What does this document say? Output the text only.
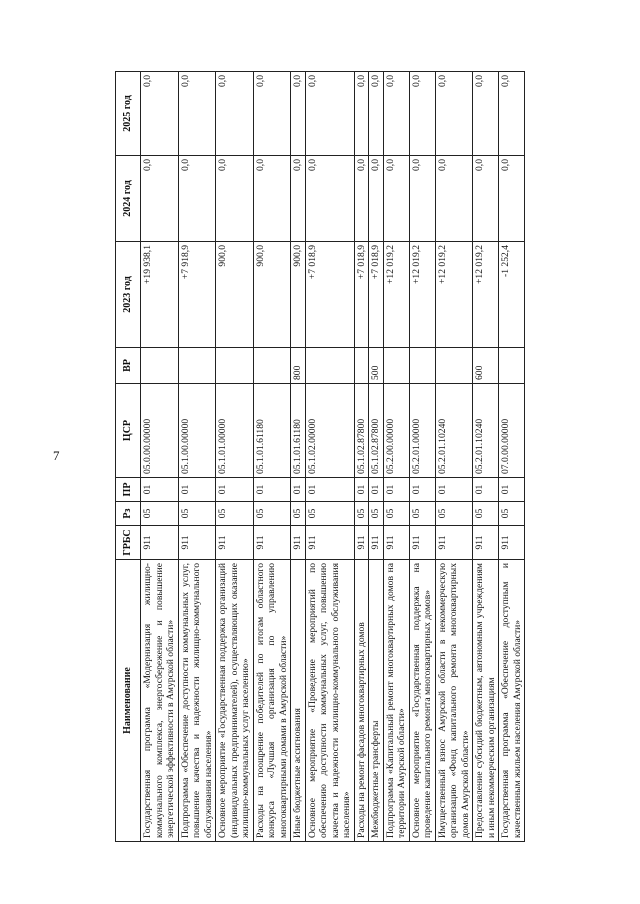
7
Наименование	ГРБС	Рз	ПР	ЦСР	ВР	2023 год	2024 год	2025 год
Государственная программа «Модернизация жилищно-коммунального комплекса, энергосбережение и повышение энергетической эффективности в Амурской области»	911	05	01	05.0.00.00000		+19 938,1	0,0	0,0
Подпрограмма «Обеспечение доступности коммунальных услуг, повышение качества и надежности жилищно-коммунального обслуживания населения»	911	05	01	05.1.00.00000		+7 918,9	0,0	0,0
Основное мероприятие «Государственная поддержка организаций (индивидуальных предпринимателей), осуществляющих оказание жилищно-коммунальных услуг населению»	911	05	01	05.1.01.00000		900,0	0,0	0,0
Расходы на поощрение победителей по итогам областного конкурса «Лучшая организация по управлению многоквартирными домами в Амурской области»	911	05	01	05.1.01.61180		900,0	0,0	0,0
Иные бюджетные ассигнования	911	05	01	05.1.01.61180	800	900,0	0,0	0,0
Основное мероприятие «Проведение мероприятий по обеспечению доступности коммунальных услуг, повышению качества и надежности жилищно-коммунального обслуживания населения»	911	05	01	05.1.02.00000		+7 018,9	0,0	0,0
Расходы на ремонт фасадов многоквартирных домов	911	05	01	05.1.02.87800		+7 018,9	0,0	0,0
Межбюджетные трансферты	911	05	01	05.1.02.87800	500	+7 018,9	0,0	0,0
Подпрограмма «Капитальный ремонт многоквартирных домов на территории Амурской области»	911	05	01	05.2.00.00000		+12 019,2	0,0	0,0
Основное мероприятие «Государственная поддержка на проведение капитального ремонта многоквартирных домов»	911	05	01	05.2.01.00000		+12 019,2	0,0	0,0
Имущественный взнос Амурской области в некоммерческую организацию «Фонд капитального ремонта многоквартирных домов Амурской области»	911	05	01	05.2.01.10240		+12 019,2	0,0	0,0
Предоставление субсидий бюджетным, автономным учреждениям и иным некоммерческим организациям	911	05	01	05.2.01.10240	600	+12 019,2	0,0	0,0
Государственная программа «Обеспечение доступным и качественным жильем населения Амурской области»	911	05	01	07.0.00.00000		-1 252,4	0,0	0,0
